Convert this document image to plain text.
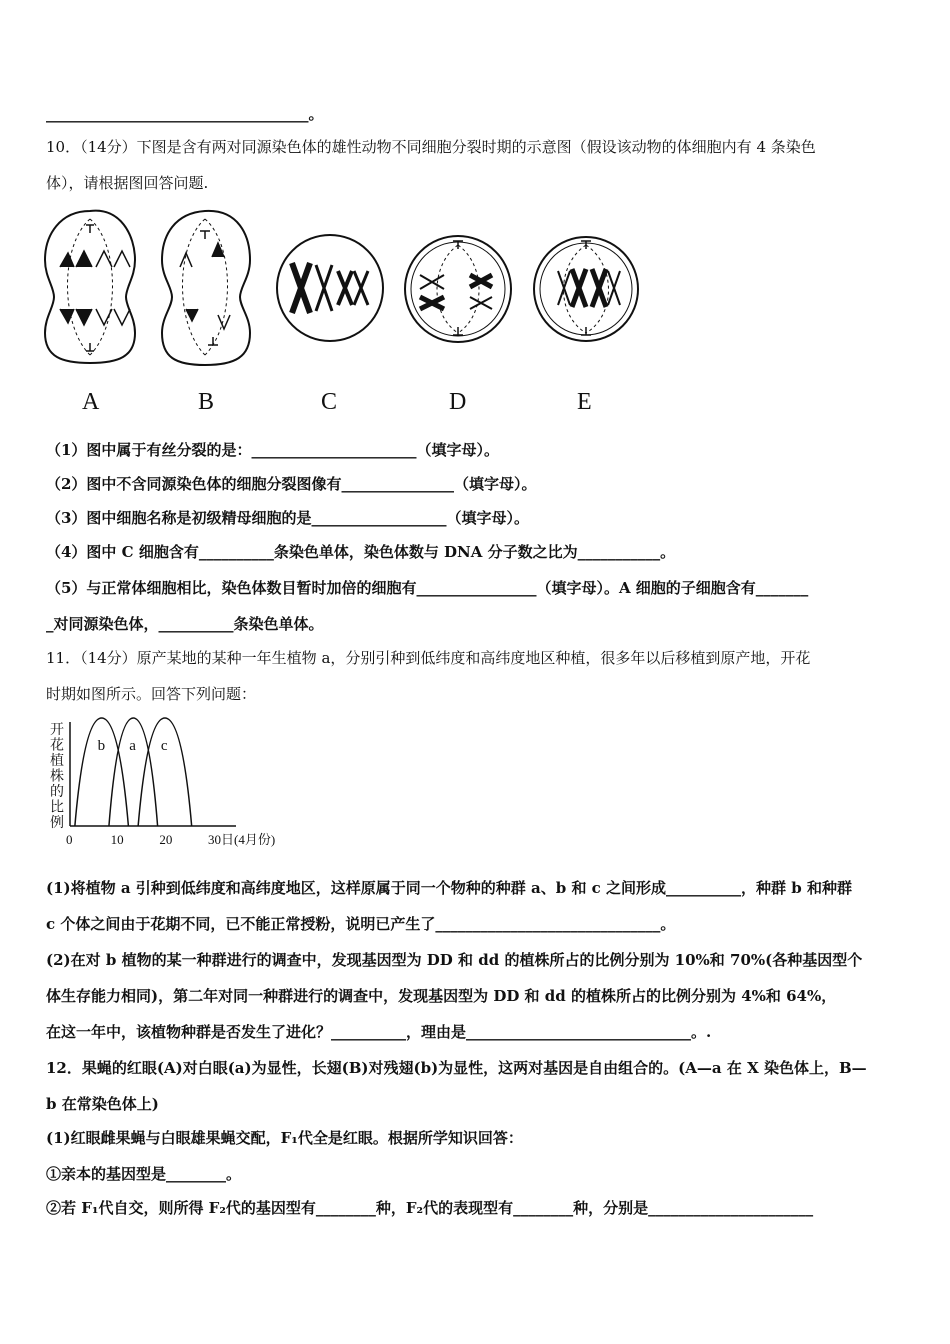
___________________________________。
10．（14分）下图是含有两对同源染色体的雄性动物不同细胞分裂时期的示意图（假设该动物的体细胞内有 4 条染色
体），请根据图回答问题.
A	B	C	D	E
（1）图中属于有丝分裂的是：______________________（填字母）。
（2）图中不含同源染色体的细胞分裂图像有_______________（填字母）。
（3）图中细胞名称是初级精母细胞的是__________________（填字母）。
（4）图中 C 细胞含有__________条染色单体，染色体数与 DNA 分子数之比为___________。
（5）与正常体细胞相比，染色体数目暂时加倍的细胞有________________（填字母）。A 细胞的子细胞含有_______
_对同源染色体，__________条染色单体。
11．（14分）原产某地的某种一年生植物 a，分别引种到低纬度和高纬度地区种植，很多年以后移植到原产地，开花
时期如图所示。回答下列问题：
开
花
植
株
的
比
例
b a c
0	10	20	30日(4月份)
(1)将植物 a 引种到低纬度和高纬度地区，这样原属于同一个物种的种群 a、b 和 c 之间形成__________，种群 b 和种群
c 个体之间由于花期不同，已不能正常授粉，说明已产生了______________________________。
(2)在对 b 植物的某一种群进行的调查中，发现基因型为 DD 和 dd 的植株所占的比例分别为 10%和 70%(各种基因型个
体生存能力相同)，第二年对同一种群进行的调查中，发现基因型为 DD 和 dd 的植株所占的比例分别为 4%和 64%，
在这一年中，该植物种群是否发生了进化？__________，理由是______________________________。.
12．果蝇的红眼(A)对白眼(a)为显性，长翅(B)对残翅(b)为显性，这两对基因是自由组合的。(A—a 在 X 染色体上，B—
b 在常染色体上)
(1)红眼雌果蝇与白眼雄果蝇交配，F₁代全是红眼。根据所学知识回答：
①亲本的基因型是________。
②若 F₁代自交，则所得 F₂代的基因型有________种，F₂代的表现型有________种，分别是______________________
